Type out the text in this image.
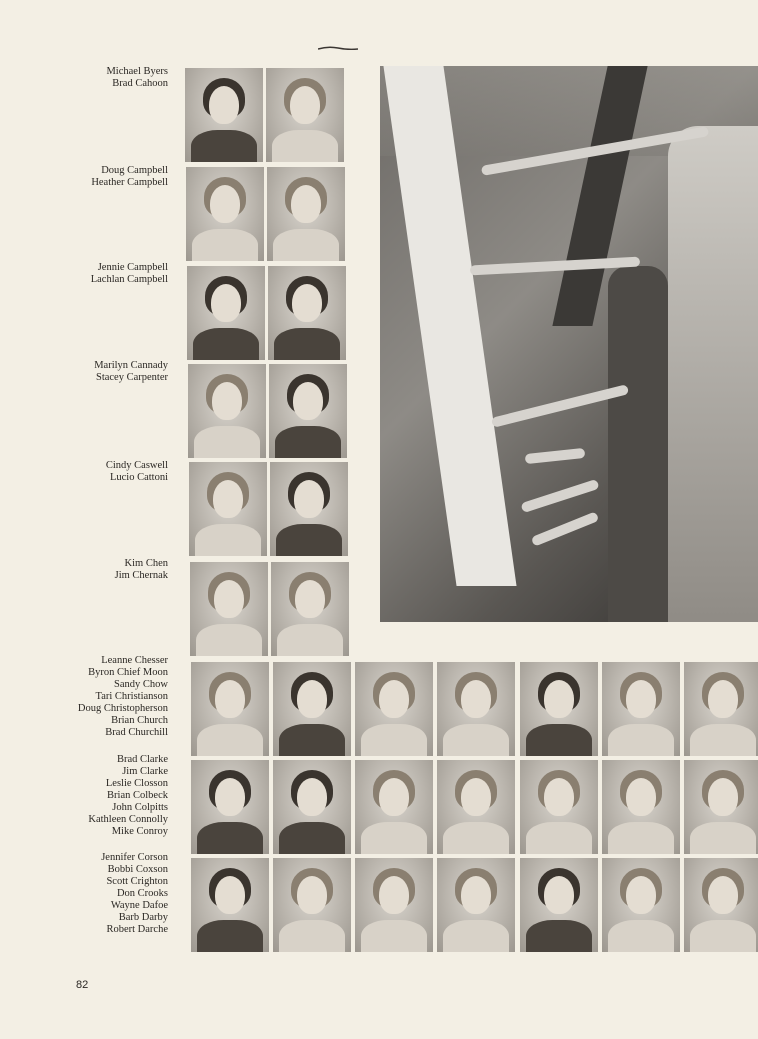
Michael Byers
Brad Cahoon
Doug Campbell
Heather Campbell
Jennie Campbell
Lachlan Campbell
Marilyn Cannady
Stacey Carpenter
Cindy Caswell
Lucio Cattoni
Kim Chen
Jim Chernak
Leanne Chesser
Byron Chief Moon
Sandy Chow
Tari Christianson
Doug Christopherson
Brian Church
Brad Churchill
Brad Clarke
Jim Clarke
Leslie Closson
Brian Colbeck
John Colpitts
Kathleen Connolly
Mike Conroy
Jennifer Corson
Bobbi Coxson
Scott Crighton
Don Crooks
Wayne Dafoe
Barb Darby
Robert Darche
82
